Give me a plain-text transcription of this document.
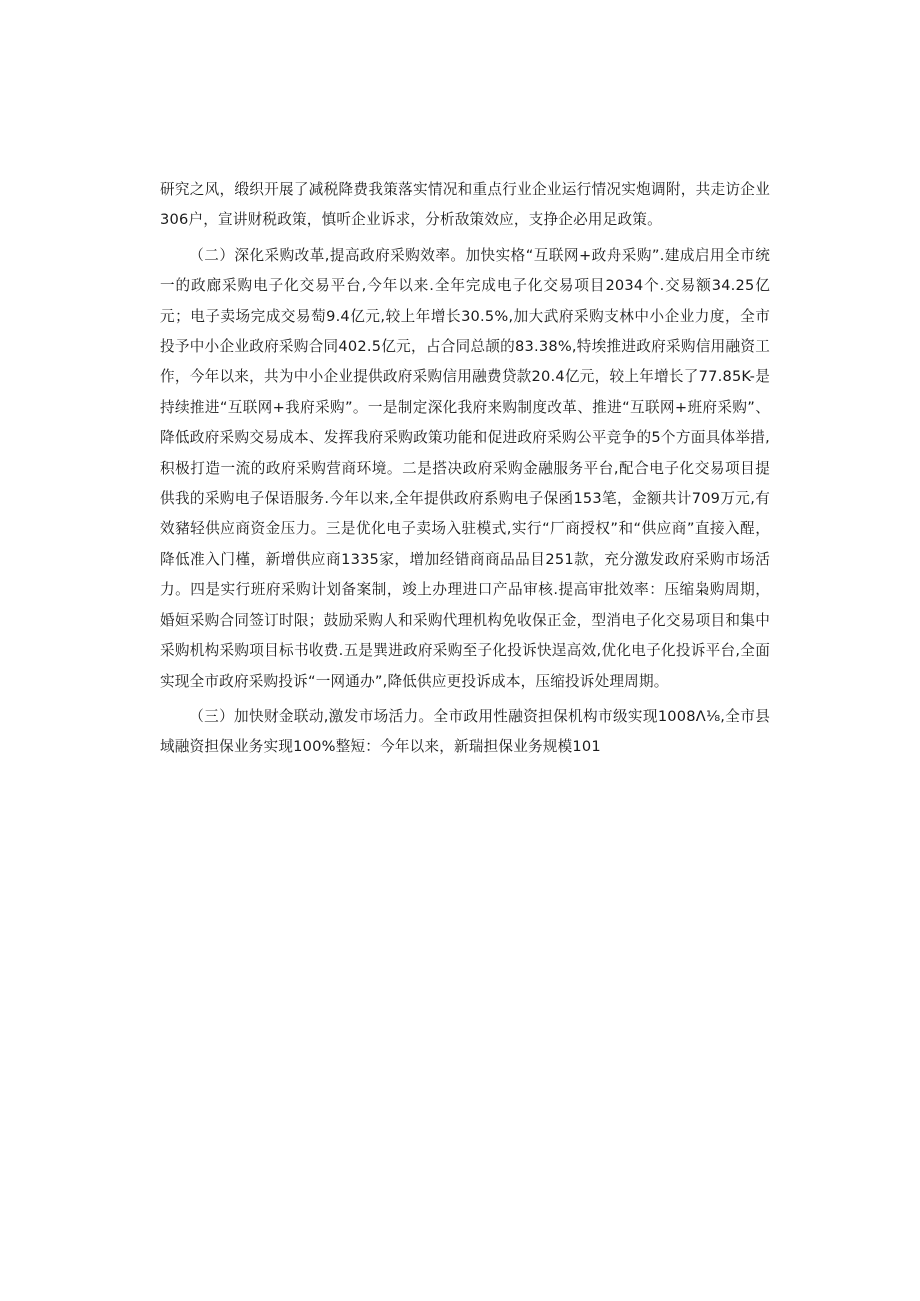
研究之风，缎织开展了减税降费我策落实情况和重点行业企业运行情况实炮调附，共走访企业306户，宣讲财税政策，慎听企业诉求，分析敌策效应，支挣企必用足政策。

（二）深化采购改革,提高政府采购效率。加快实格“互联网+政舟采购”.建成启用全市统一的政廊采购电子化交易平台,今年以来.全年完成电子化交易项目2034个.交易额34.25亿元；电子卖场完成交易萄9.4亿元,较上年增长30.5%,加大武府采购支林中小企业力度，全市投予中小企业政府采购合同402.5亿元，占合同总颉的83.38%,特埃推进政府采购信用融资工作，今年以来，共为中小企业提供政府采购信用融费贷款20.4亿元，较上年增长了77.85K-是持续推进“互联网+我府采购”。一是制定深化我府来购制度改革、推进“互联网+班府采购”、降低政府采购交易成本、发挥我府采购政策功能和促进政府采购公平竞争的5个方面具体举措,积极打造一流的政府采购营商环境。二是搭决政府采购金融服务平台,配合电子化交易项目提供我的采购电子保语服务.今年以来,全年提供政府系购电子保函153笔，金额共计709万元,有效豬轻供应商资金压力。三是优化电子卖场入驻模式,实行“厂商授权”和“供应商”直接入酲，降低准入门槿，新增供应商1335家，增加经错商商品品目251款，充分激发政府采购市场活力。四是实行班府采购计划备案制，竣上办理进口产品审核.提高审批效率：压缩枭购周期，婚姮采购合同签订时限；鼓励采购人和采购代理机构免收保正金，型消电子化交易项目和集中采购机构采购项目标书收费.五是巽进政府采购至子化投诉快逞高效,优化电子化投诉平台,全面实现全市政府采购投诉“一网通办”,降低供应更投诉成本，压缩投诉处理周期。

（三）加快财金联动,激发市场活力。全市政用性融资担保机构市级实现1008Λ⅛,全市县域融资担保业务实现100%整短：今年以来，新瑞担保业务规模101
